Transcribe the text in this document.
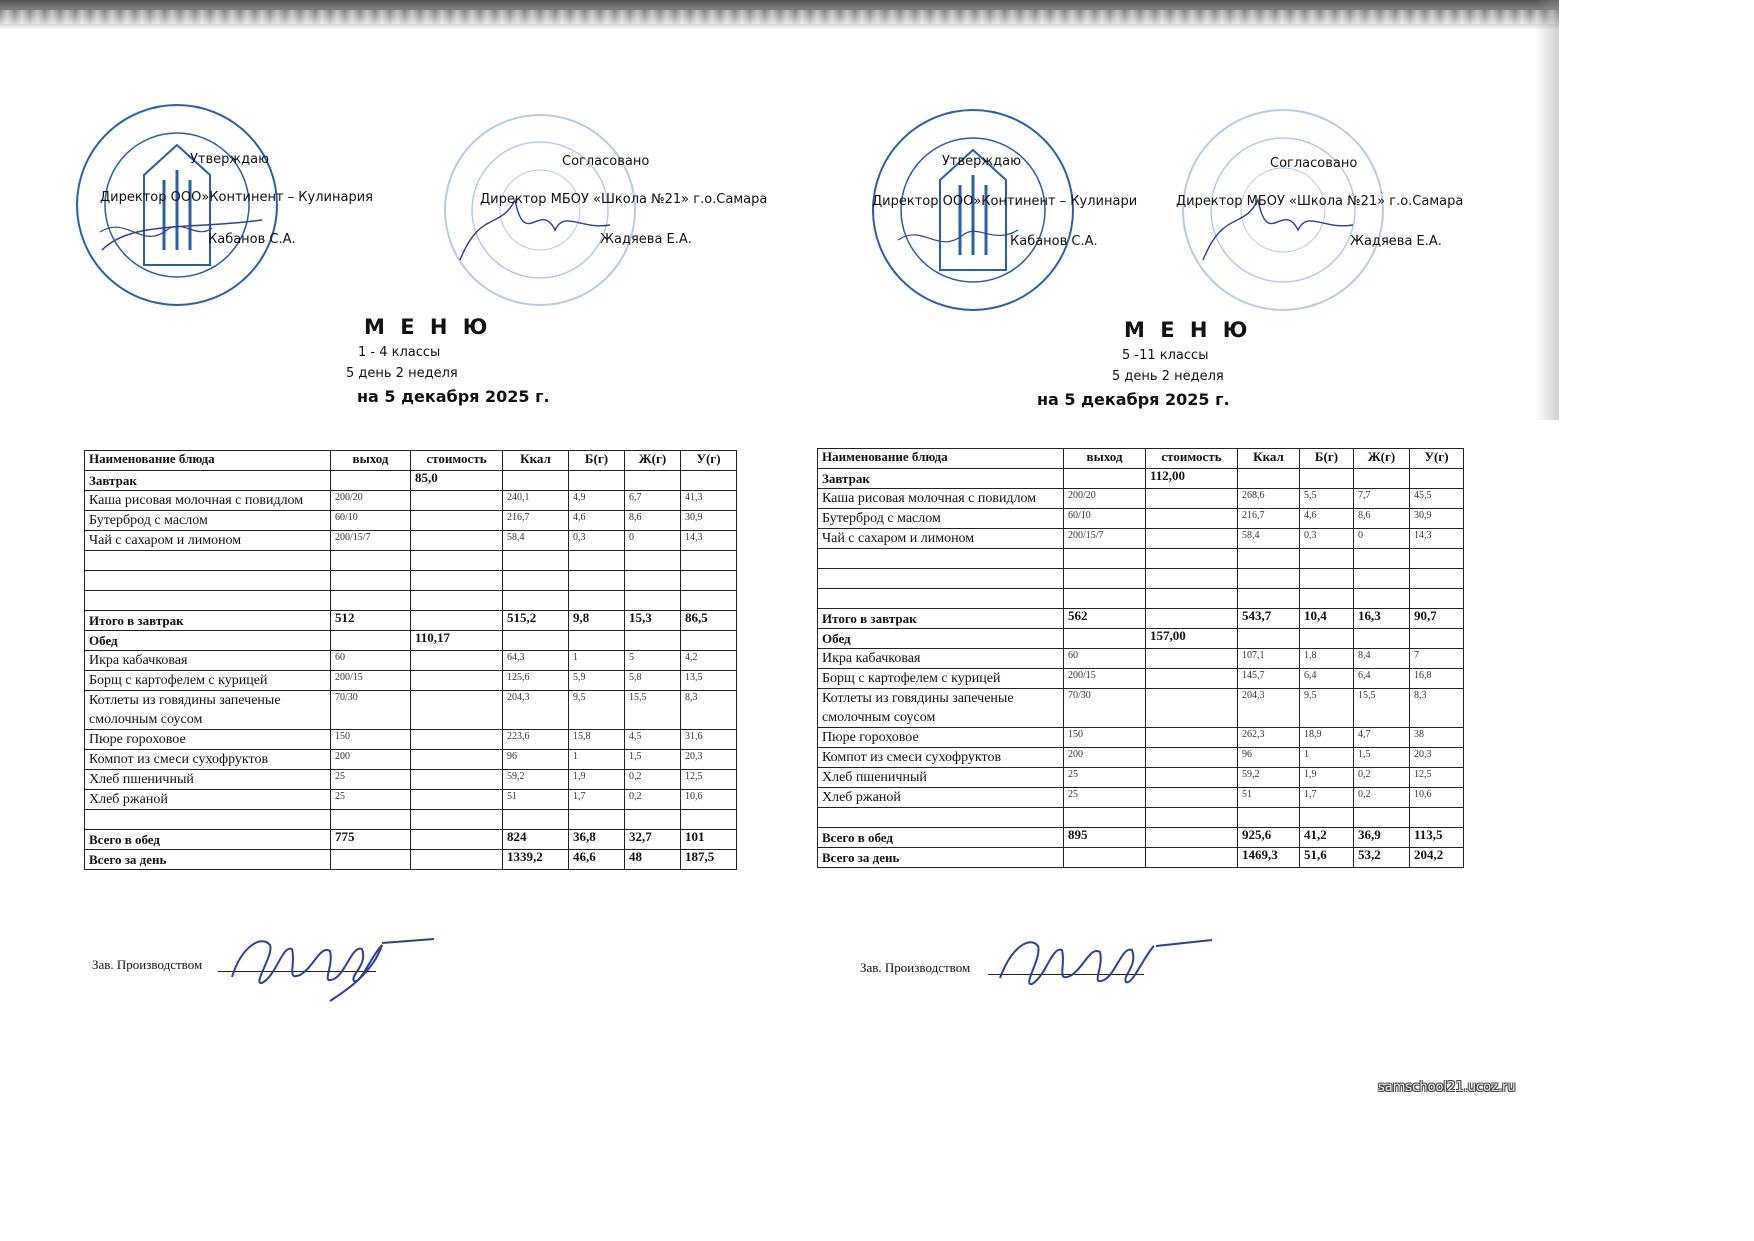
Утверждаю
Директор ООО»Континент – Кулинария
Кабанов С.А.
Согласовано
Директор МБОУ «Школа №21» г.о.Самара
Жадяева Е.А.
М Е Н Ю
1 - 4 классы
5 день 2 неделя
на 5 декабря 2025 г.
Утверждаю
Директор ООО»Континент – Кулинари
Кабанов С.А.
Согласовано
Директор МБОУ «Школа №21» г.о.Самара
Жадяева Е.А.
М Е Н Ю
5 -11 классы
5 день 2 неделя
на 5 декабря 2025 г.
Наименование блюда	выход	стоимость	Ккал	Б(г)	Ж(г)	У(г)
Завтрак		85,0				
Каша рисовая молочная с повидлом	200/20		240,1	4,9	6,7	41,3
Бутерброд с маслом	60/10		216,7	4,6	8,6	30,9
Чай с сахаром и лимоном	200/15/7		58,4	0,3	0	14,3

Итого в завтрак	512		515,2	9,8	15,3	86,5
Обед		110,17				
Икра кабачковая	60		64,3	1	5	4,2
Борщ с картофелем с курицей	200/15		125,6	5,9	5,8	13,5
Котлеты из говядины запеченые смолочным соусом	70/30		204,3	9,5	15,5	8,3
Пюре гороховое	150		223,6	15,8	4,5	31,6
Компот из смеси сухофруктов	200		96	1	1,5	20,3
Хлеб пшеничный	25		59,2	1,9	0,2	12,5
Хлеб ржаной	25		51	1,7	0,2	10,6

Всего в обед	775		824	36,8	32,7	101
Всего за день			1339,2	46,6	48	187,5
Наименование блюда	выход	стоимость	Ккал	Б(г)	Ж(г)	У(г)
Завтрак		112,00				
Каша рисовая молочная с повидлом	200/20		268,6	5,5	7,7	45,5
Бутерброд с маслом	60/10		216,7	4,6	8,6	30,9
Чай с сахаром и лимоном	200/15/7		58,4	0,3	0	14,3

Итого в завтрак	562		543,7	10,4	16,3	90,7
Обед		157,00				
Икра кабачковая	60		107,1	1,8	8,4	7
Борщ с картофелем с курицей	200/15		145,7	6,4	6,4	16,8
Котлеты из говядины запеченые смолочным соусом	70/30		204,3	9,5	15,5	8,3
Пюре гороховое	150		262,3	18,9	4,7	38
Компот из смеси сухофруктов	200		96	1	1,5	20,3
Хлеб пшеничный	25		59,2	1,9	0,2	12,5
Хлеб ржаной	25		51	1,7	0,2	10,6

Всего в обед	895		925,6	41,2	36,9	113,5
Всего за день			1469,3	51,6	53,2	204,2
Зав. Производством	Зав. Производством
samschool21.ucoz.ru
